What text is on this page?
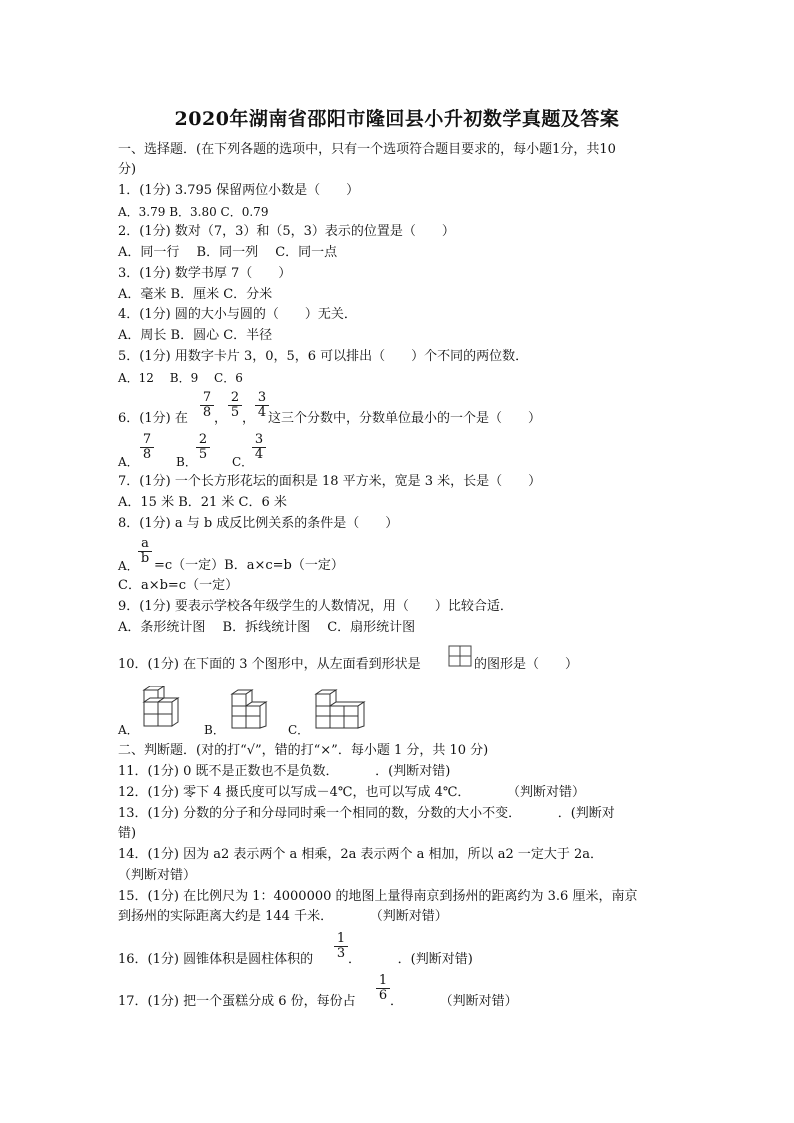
2020年湖南省邵阳市隆回县小升初数学真题及答案
一、选择题．(在下列各题的选项中，只有一个选项符合题目要求的，每小题1分，共10
分)
1．(1分) 3.795 保留两位小数是（　　）
A．3.79 B．3.80 C．0.79
2．(1分) 数对（7，3）和（5，3）表示的位置是（　　）
A．同一行　 B．同一列　 C．同一点
3．(1分) 数学书厚 7（　　）
A．毫米 B．厘米 C．分米
4．(1分) 圆的大小与圆的（　　）无关．
A．周长 B．圆心 C．半径
5．(1分) 用数字卡片 3，0，5，6 可以排出（　　）个不同的两位数．
A．12　 B．9　 C．6
6．(1分) 在 $\frac{7}{8}$ ， $\frac{2}{5}$ ， $\frac{3}{4}$ 这三个分数中，分数单位最小的一个是（　　）
A． $\frac{7}{8}$ B． $\frac{2}{5}$ C．
$\frac{3}{4}$
7．(1分) 一个长方形花坛的面积是 18 平方米，宽是 3 米，长是（　　）
A．15 米 B．21 米 C．6 米
8．(1分) a 与 b 成反比例关系的条件是（　　）
A． $\frac{a}{b} =c$（一定）B．a×c=b（一定）
C．a×b=c（一定）
9．(1分) 要表示学校各年级学生的人数情况，用（　　）比较合适．
A．条形统计图　 B．拆线统计图　 C．扇形统计图
10．(1分) 在下面的 3 个图形中，从左面看到形状是	的图形是（　　）
A．	B．	C．
二、判断题．(对的打“√”，错的打“×”．每小题 1 分，共 10 分)
11．(1分) 0 既不是正数也不是负数．　　　 ．(判断对错)
12．(1分) 零下 4 摄氏度可以写成－4℃，也可以写成 4℃．　　　 （判断对错）
13．(1分) 分数的分子和分母同时乘一个相同的数，分数的大小不变．　　　 ．(判断对
错)
14．(1分) 因为 a2 表示两个 a 相乘，2a 表示两个 a 相加，所以 a2 一定大于 2a．
（判断对错）
15．(1分) 在比例尺为 1：4000000 的地图上量得南京到扬州的距离约为 3.6 厘米，南京
到扬州的实际距离大约是 144 千米．　　　 （判断对错）
16．(1分) 圆锥体积是圆柱体积的 $\frac{1}{3}$ ．　　　 ．(判断对错)
17．(1分) 把一个蛋糕分成 6 份，每份占 $\frac{1}{6}$ ．　　　 （判断对错）
